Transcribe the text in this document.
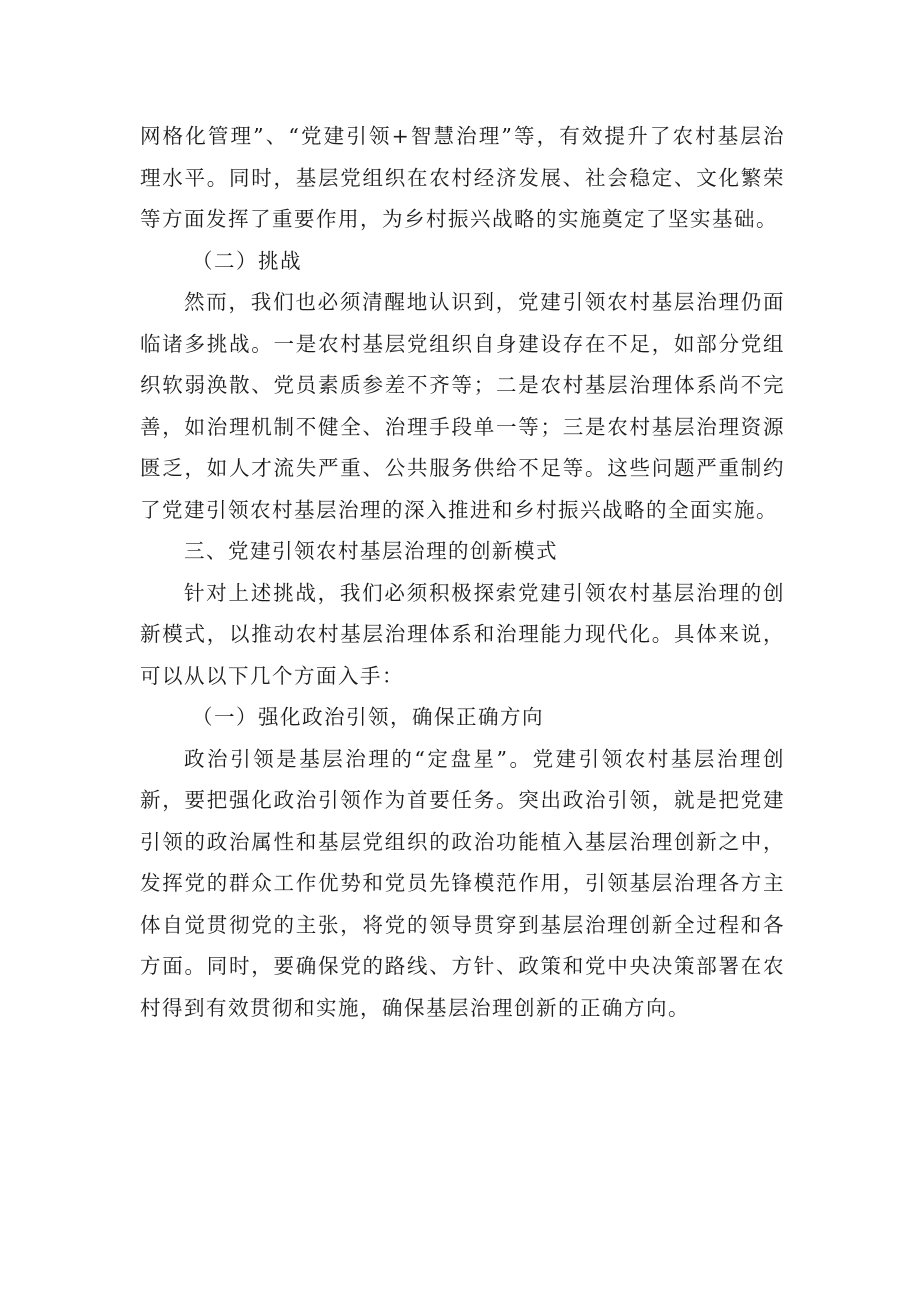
网格化管理”、“党建引领+智慧治理”等，有效提升了农村基层治理水平。同时，基层党组织在农村经济发展、社会稳定、文化繁荣等方面发挥了重要作用，为乡村振兴战略的实施奠定了坚实基础。

（二）挑战

然而，我们也必须清醒地认识到，党建引领农村基层治理仍面临诸多挑战。一是农村基层党组织自身建设存在不足，如部分党组织软弱涣散、党员素质参差不齐等；二是农村基层治理体系尚不完善，如治理机制不健全、治理手段单一等；三是农村基层治理资源匮乏，如人才流失严重、公共服务供给不足等。这些问题严重制约了党建引领农村基层治理的深入推进和乡村振兴战略的全面实施。

三、党建引领农村基层治理的创新模式

针对上述挑战，我们必须积极探索党建引领农村基层治理的创新模式，以推动农村基层治理体系和治理能力现代化。具体来说，可以从以下几个方面入手：

（一）强化政治引领，确保正确方向

政治引领是基层治理的“定盘星”。党建引领农村基层治理创新，要把强化政治引领作为首要任务。突出政治引领，就是把党建引领的政治属性和基层党组织的政治功能植入基层治理创新之中，发挥党的群众工作优势和党员先锋模范作用，引领基层治理各方主体自觉贯彻党的主张，将党的领导贯穿到基层治理创新全过程和各方面。同时，要确保党的路线、方针、政策和党中央决策部署在农村得到有效贯彻和实施，确保基层治理创新的正确方向。
